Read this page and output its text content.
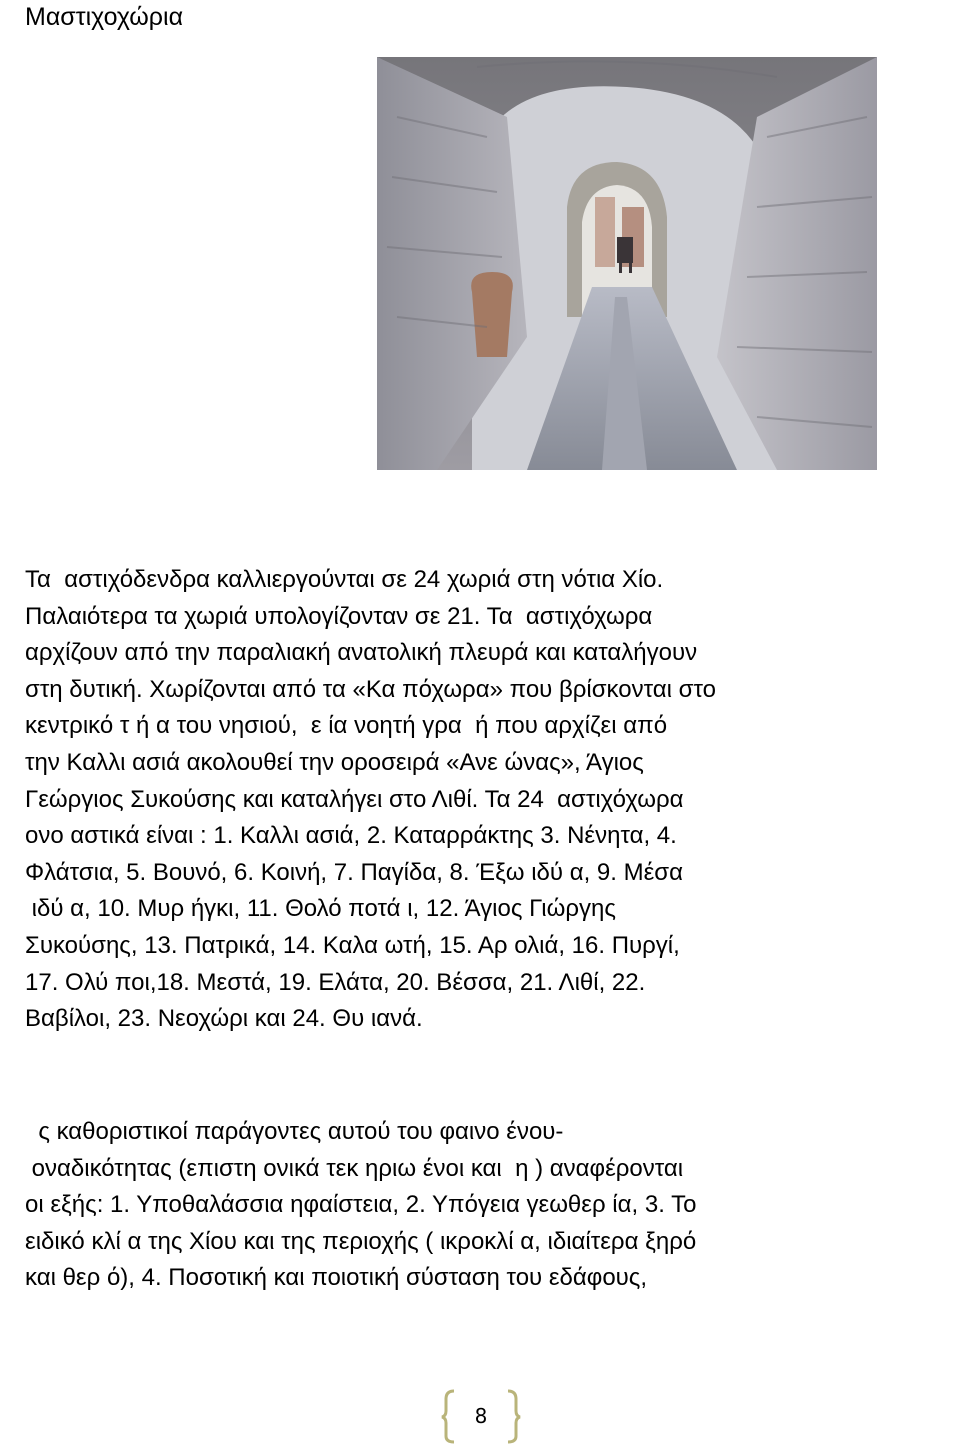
Μαστιχοχώρια
Τα  αστιχόδενδρα καλλιεργούνται σε 24 χωριά στη νότια Χίο.
Παλαιότερα τα χωριά υπολογίζονταν σε 21. Τα  αστιχόχωρα
αρχίζουν από την παραλιακή ανατολική πλευρά και καταλήγουν
στη δυτική. Χωρίζονται από τα «Κα πόχωρα» που βρίσκονται στο
κεντρικό τ ή α του νησιού,  ε ία νοητή γρα  ή που αρχίζει από
την Καλλι ασιά ακολουθεί την οροσειρά «Ανε ώνας», Άγιος
Γεώργιος Συκούσης και καταλήγει στο Λιθί. Τα 24  αστιχόχωρα
ονο αστικά είναι : 1. Καλλι ασιά, 2. Καταρράκτης 3. Νένητα, 4.
Φλάτσια, 5. Βουνό, 6. Κοινή, 7. Παγίδα, 8. Έξω ιδύ α, 9. Μέσα
ιδύ α, 10. Μυρ ήγκι, 11. Θολό ποτά ι, 12. Άγιος Γιώργης
Συκούσης, 13. Πατρικά, 14. Καλα ωτή, 15. Αρ ολιά, 16. Πυργί,
17. Ολύ ποι,18. Μεστά, 19. Ελάτα, 20. Βέσσα, 21. Λιθί, 22.
Βαβίλοι, 23. Νεοχώρι και 24. Θυ ιανά.
ς καθοριστικοί παράγοντες αυτού του φαινο ένου-
οναδικότητας (επιστη ονικά τεκ ηριω ένοι και  η ) αναφέρονται
οι εξής: 1. Υποθαλάσσια ηφαίστεια, 2. Υπόγεια γεωθερ ία, 3. Το
ειδικό κλί α της Χίου και της περιοχής ( ικροκλί α, ιδιαίτερα ξηρό
και θερ ό), 4. Ποσοτική και ποιοτική σύσταση του εδάφους,
8
